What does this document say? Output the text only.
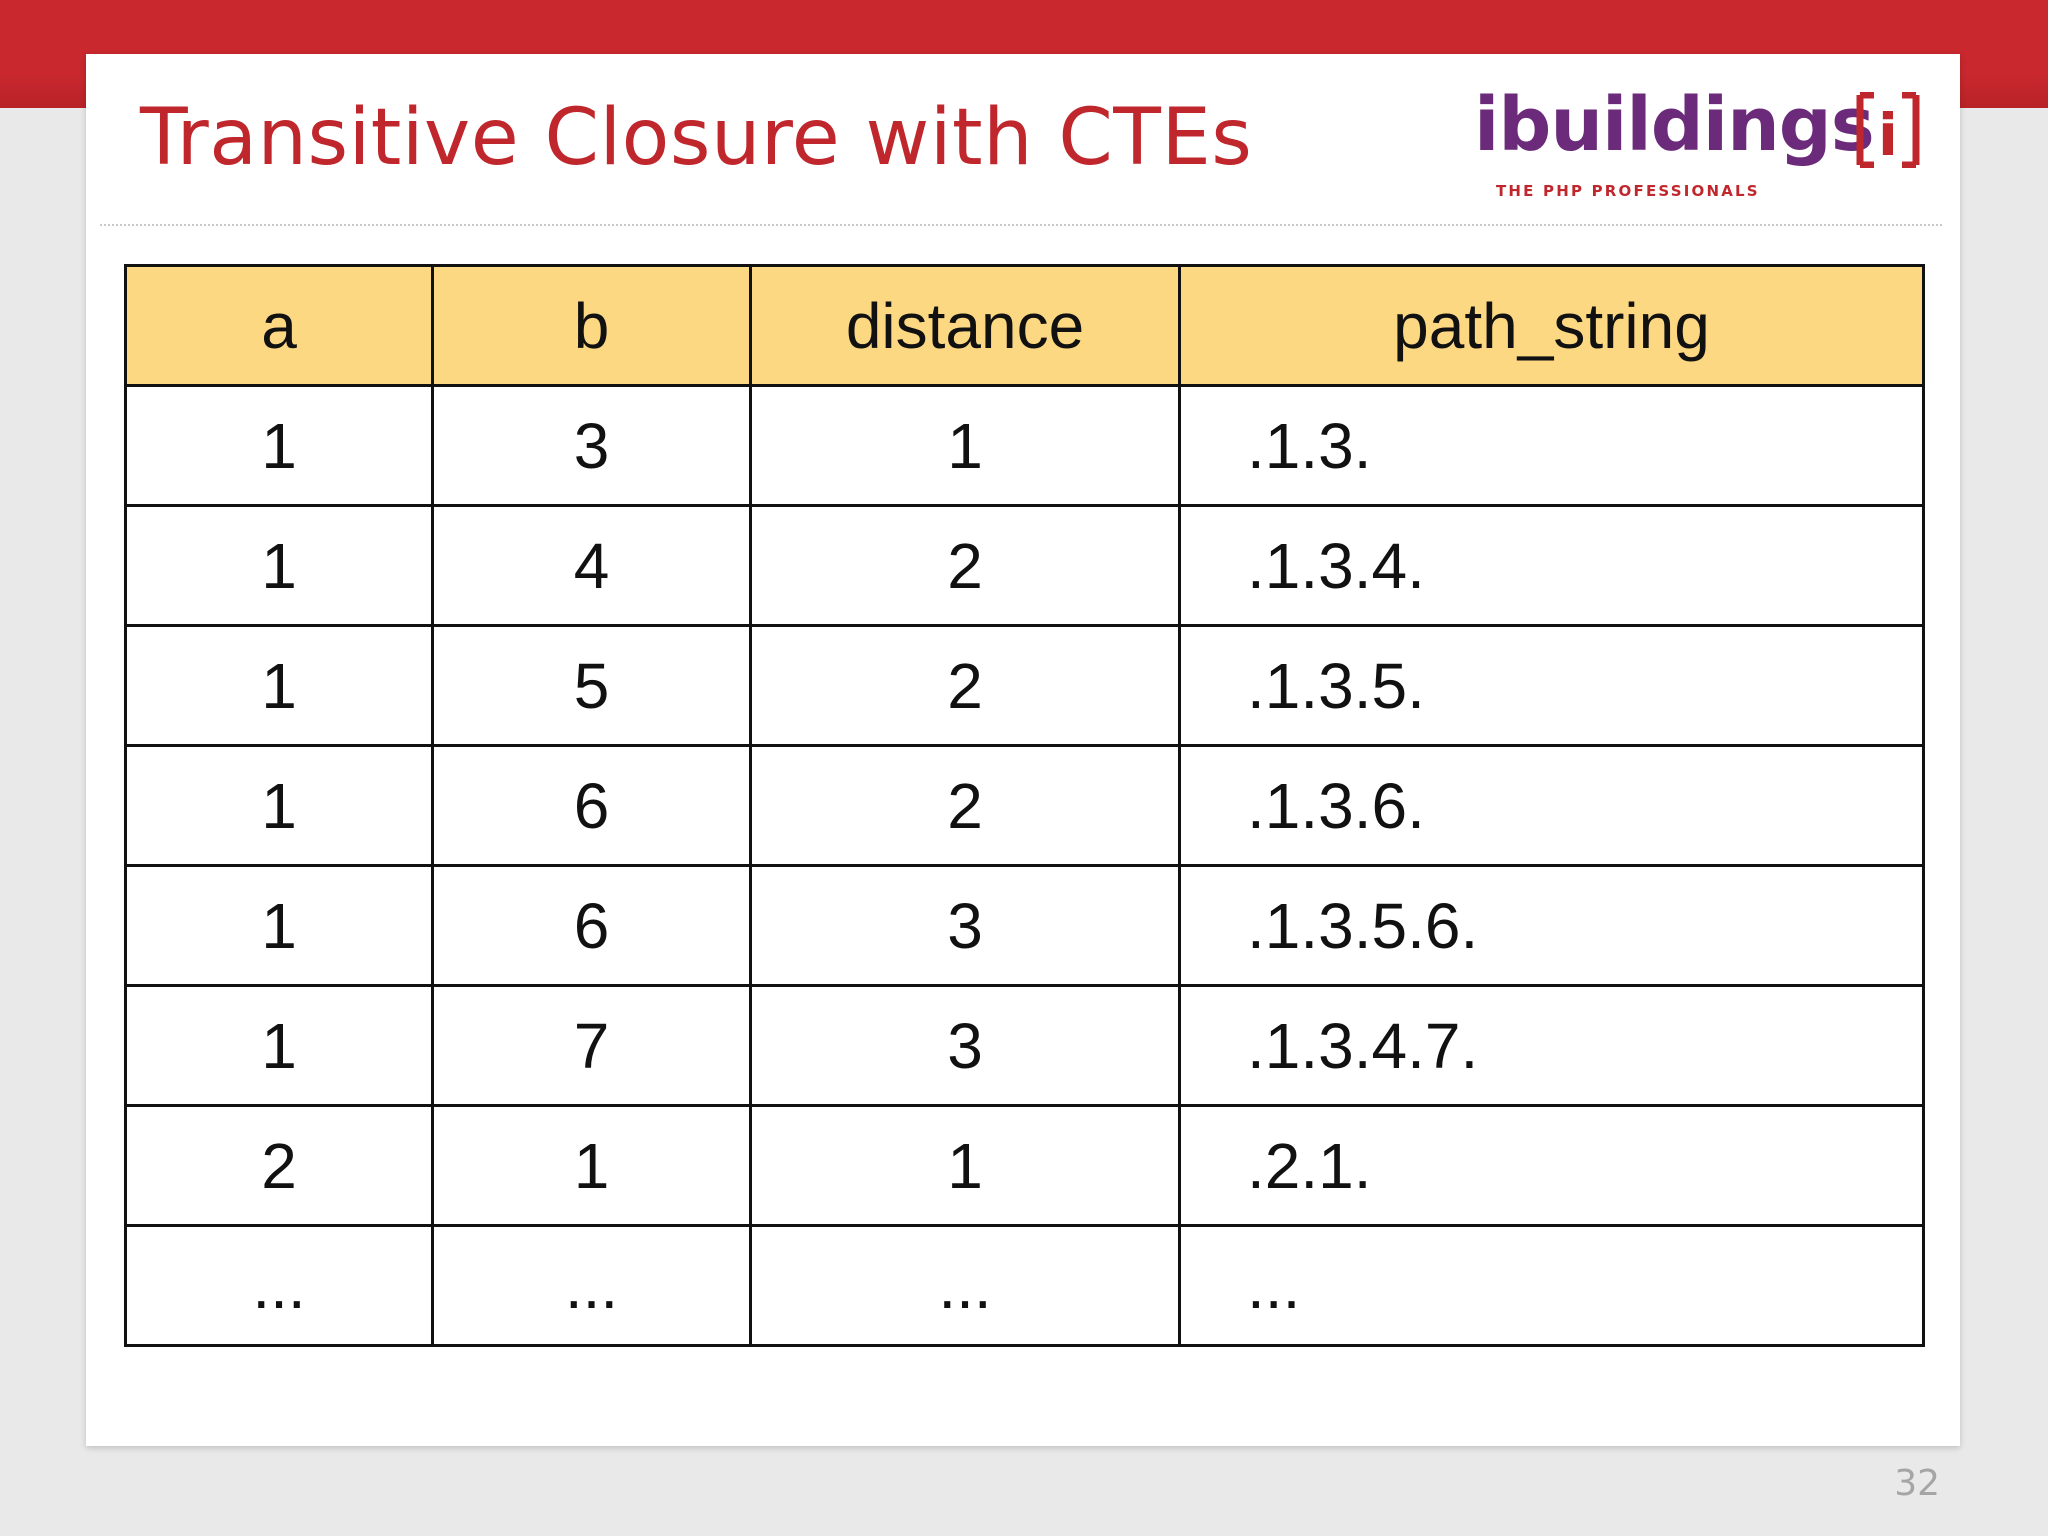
Transitive Closure with CTEs	ibuildings i
THE PHP PROFESSIONALS
a	b	distance	path_string
1	3	1	.1.3.
1	4	2	.1.3.4.
1	5	2	.1.3.5.
1	6	2	.1.3.6.
1	6	3	.1.3.5.6.
1	7	3	.1.3.4.7.
2	1	1	.2.1.
...	...	...	...
32
